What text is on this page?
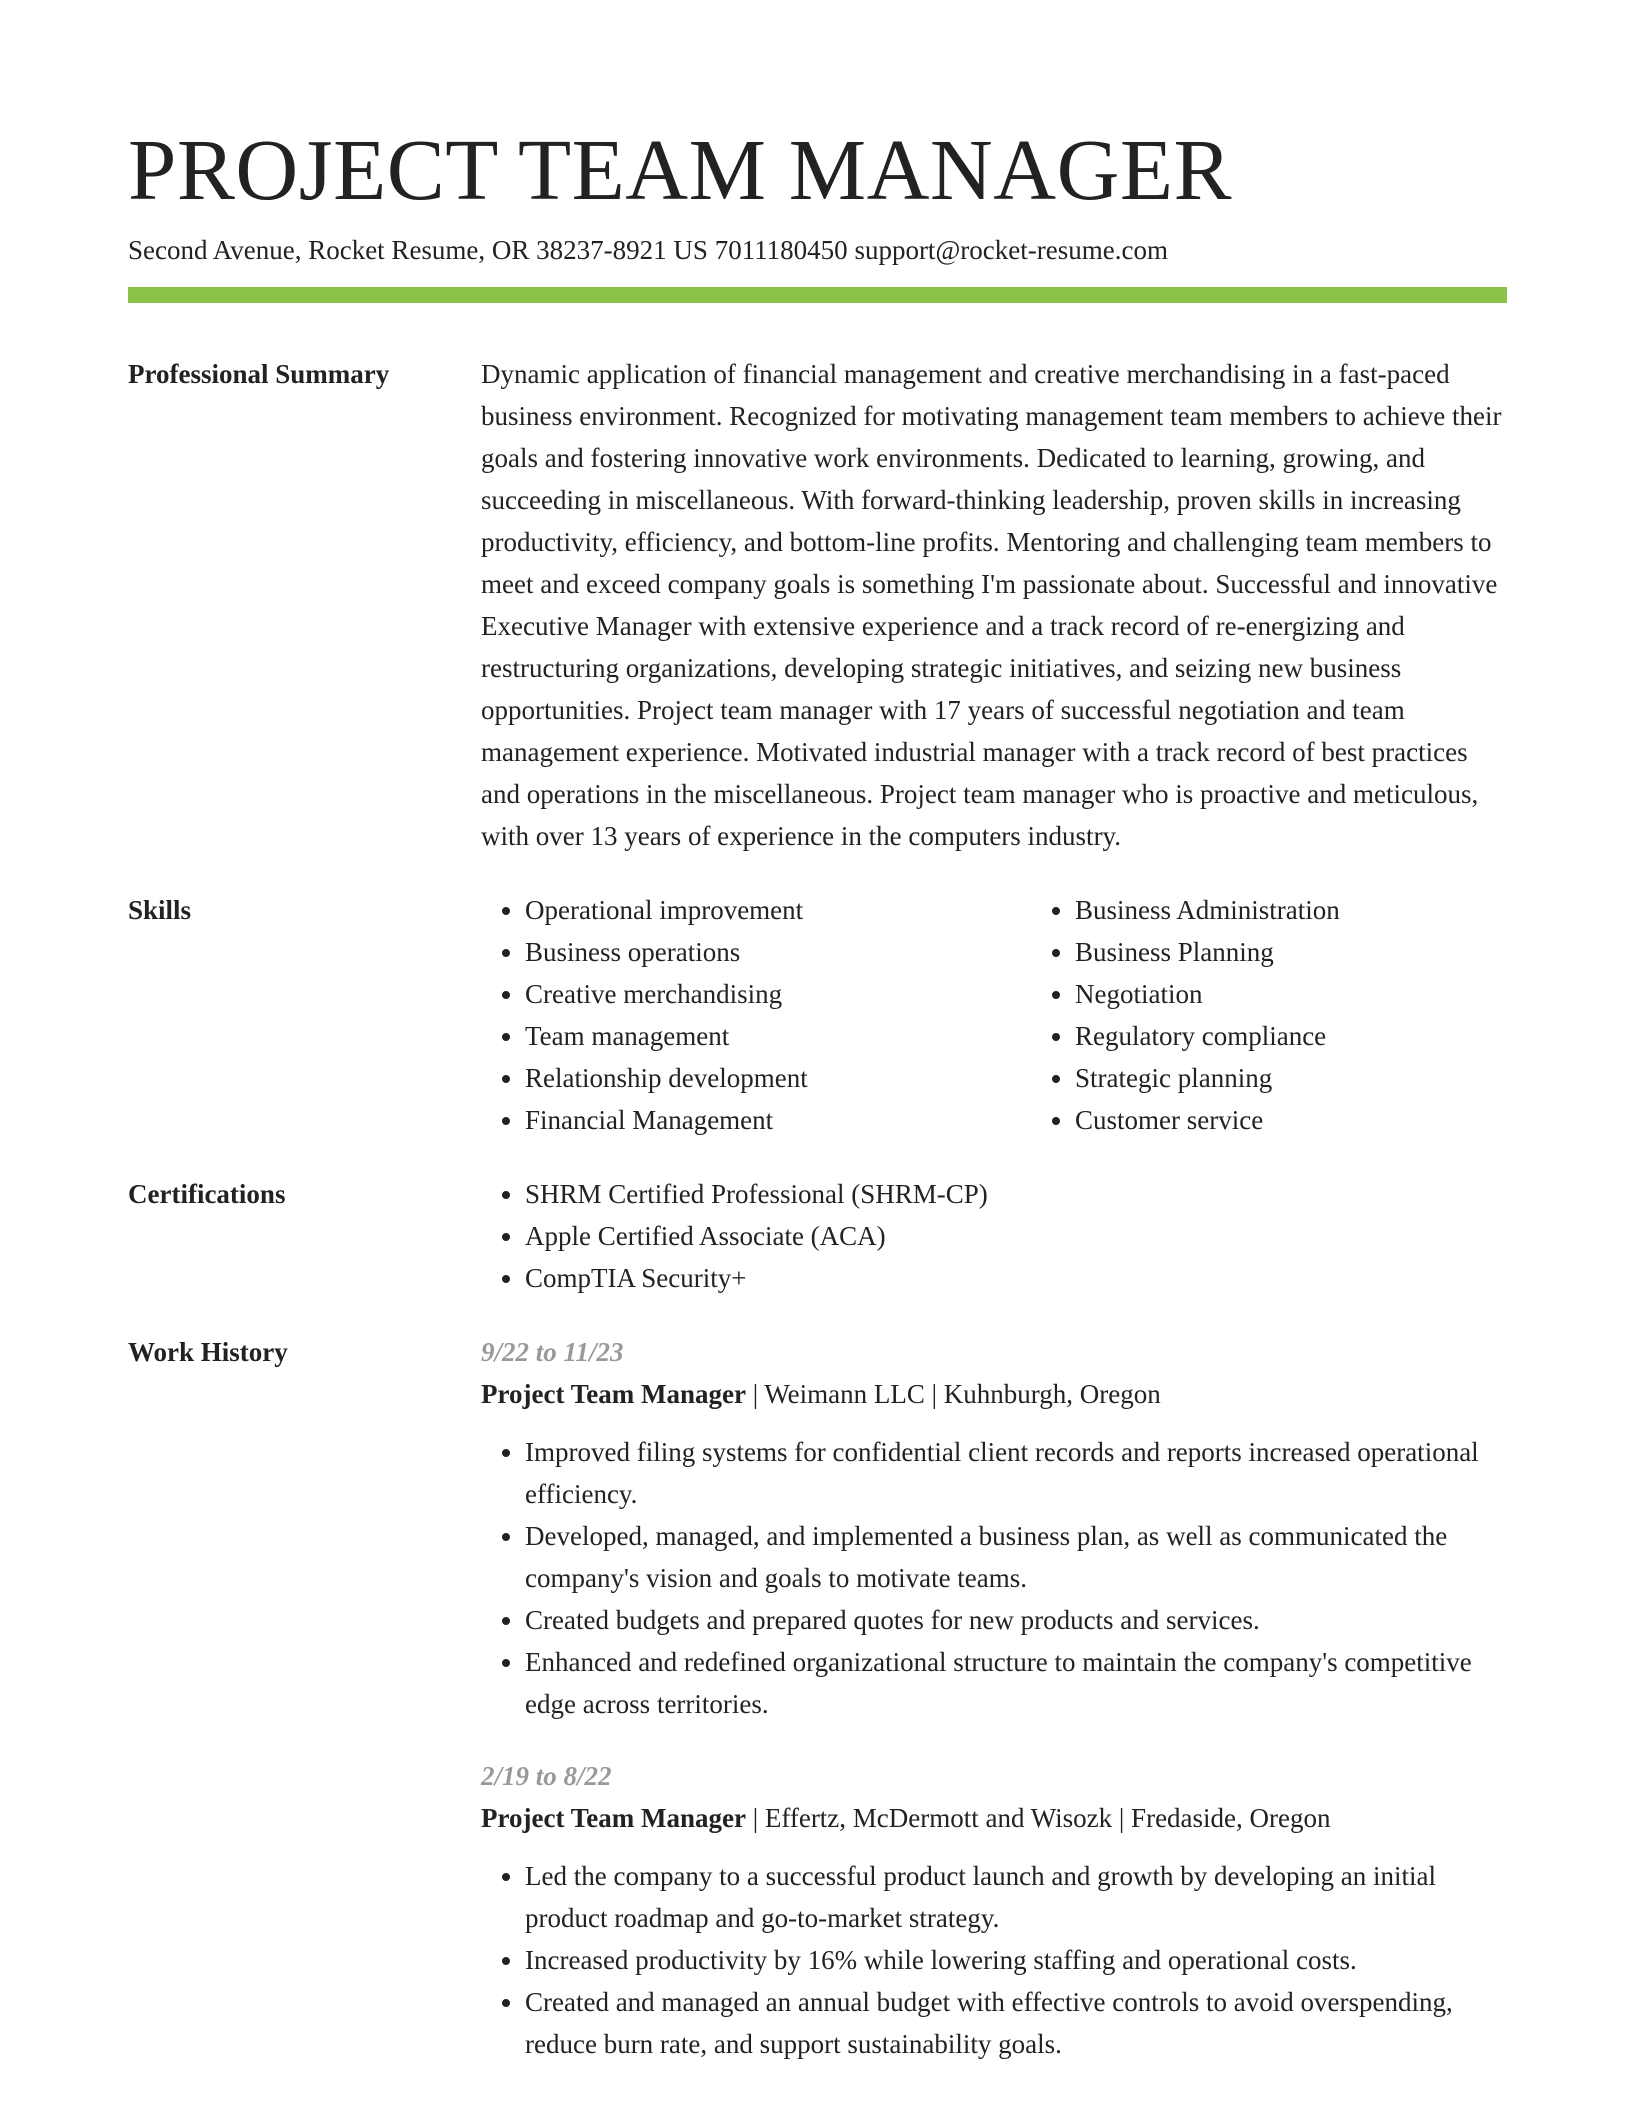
PROJECT TEAM MANAGER
Second Avenue, Rocket Resume, OR 38237-8921 US 7011180450 support@rocket-resume.com
Professional Summary	Dynamic application of financial management and creative merchandising in a fast-paced business environment. Recognized for motivating management team members to achieve their goals and fostering innovative work environments. Dedicated to learning, growing, and succeeding in miscellaneous. With forward-thinking leadership, proven skills in increasing productivity, efficiency, and bottom-line profits. Mentoring and challenging team members to meet and exceed company goals is something I'm passionate about. Successful and innovative Executive Manager with extensive experience and a track record of re-energizing and restructuring organizations, developing strategic initiatives, and seizing new business opportunities. Project team manager with 17 years of successful negotiation and team management experience. Motivated industrial manager with a track record of best practices and operations in the miscellaneous. Project team manager who is proactive and meticulous, with over 13 years of experience in the computers industry.

Skills	• Operational improvement
• Business operations
• Creative merchandising
• Team management
• Relationship development
• Financial Management
• Business Administration
• Business Planning
• Negotiation
• Regulatory compliance
• Strategic planning
• Customer service
Certifications	• SHRM Certified Professional (SHRM-CP)
• Apple Certified Associate (ACA)
• CompTIA Security+
Work History	9/22 to 11/23
Project Team Manager | Weimann LLC | Kuhnburgh, Oregon
• Improved filing systems for confidential client records and reports increased operational efficiency.
• Developed, managed, and implemented a business plan, as well as communicated the company's vision and goals to motivate teams.
• Created budgets and prepared quotes for new products and services.
• Enhanced and redefined organizational structure to maintain the company's competitive edge across territories.
2/19 to 8/22
Project Team Manager | Effertz, McDermott and Wisozk | Fredaside, Oregon
• Led the company to a successful product launch and growth by developing an initial product roadmap and go-to-market strategy.
• Increased productivity by 16% while lowering staffing and operational costs.
• Created and managed an annual budget with effective controls to avoid overspending, reduce burn rate, and support sustainability goals.
